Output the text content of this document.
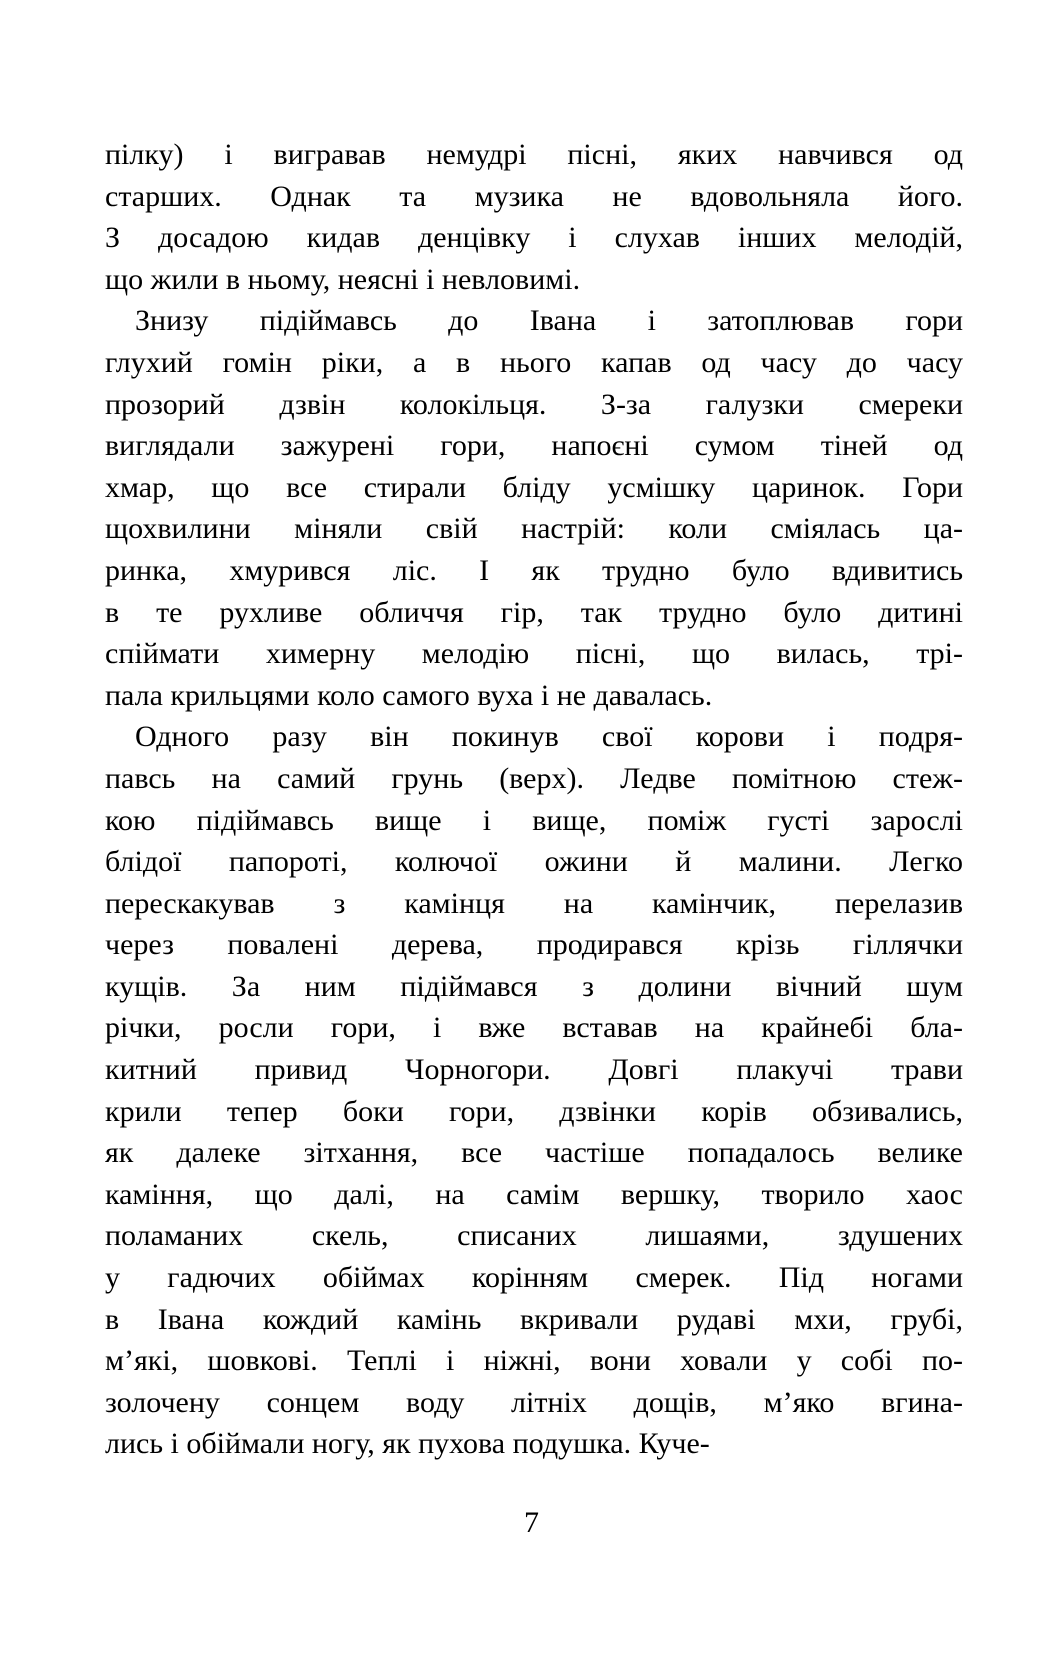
пілку) і вигравав немудрі пісні, яких навчився од
старших. Однак та музика не вдовольняла його.
З досадою кидав денцівку і слухав інших мелодій,
що жили в ньому, неясні і невловимі.
Знизу підіймавсь до Івана і затоплював гори
глухий гомін ріки, а в нього капав од часу до часу
прозорий дзвін колокільця. З-за галузки смереки
виглядали зажурені гори, напоєні сумом тіней од
хмар, що все стирали бліду усмішку царинок. Гори
щохвилини міняли свій настрій: коли сміялась ца-
ринка, хмурився ліс. І як трудно було вдивитись
в те рухливе обличчя гір, так трудно було дитині
спіймати химерну мелодію пісні, що вилась, трі-
пала крильцями коло самого вуха і не давалась.
Одного разу він покинув свої корови і подря-
павсь на самий грунь (верх). Ледве помітною стеж-
кою підіймавсь вище і вище, поміж густі зарослі
блідої папороті, колючої ожини й малини. Легко
перескакував з камінця на камінчик, перелазив
через повалені дерева, продирався крізь гіллячки
кущів. За ним підіймався з долини вічний шум
річки, росли гори, і вже вставав на крайнебі бла-
китний привид Чорногори. Довгі плакучі трави
крили тепер боки гори, дзвінки корів обзивались,
як далеке зітхання, все частіше попадалось велике
каміння, що далі, на самім вершку, творило хаос
поламаних скель, списаних лишаями, здушених
у гадючих обіймах корінням смерек. Під ногами
в Івана кождий камінь вкривали рудаві мхи, грубі,
м’які, шовкові. Теплі і ніжні, вони ховали у собі по-
золочену сонцем воду літніх дощів, м’яко вгина-
лись і обіймали ногу, як пухова подушка. Куче-
7
